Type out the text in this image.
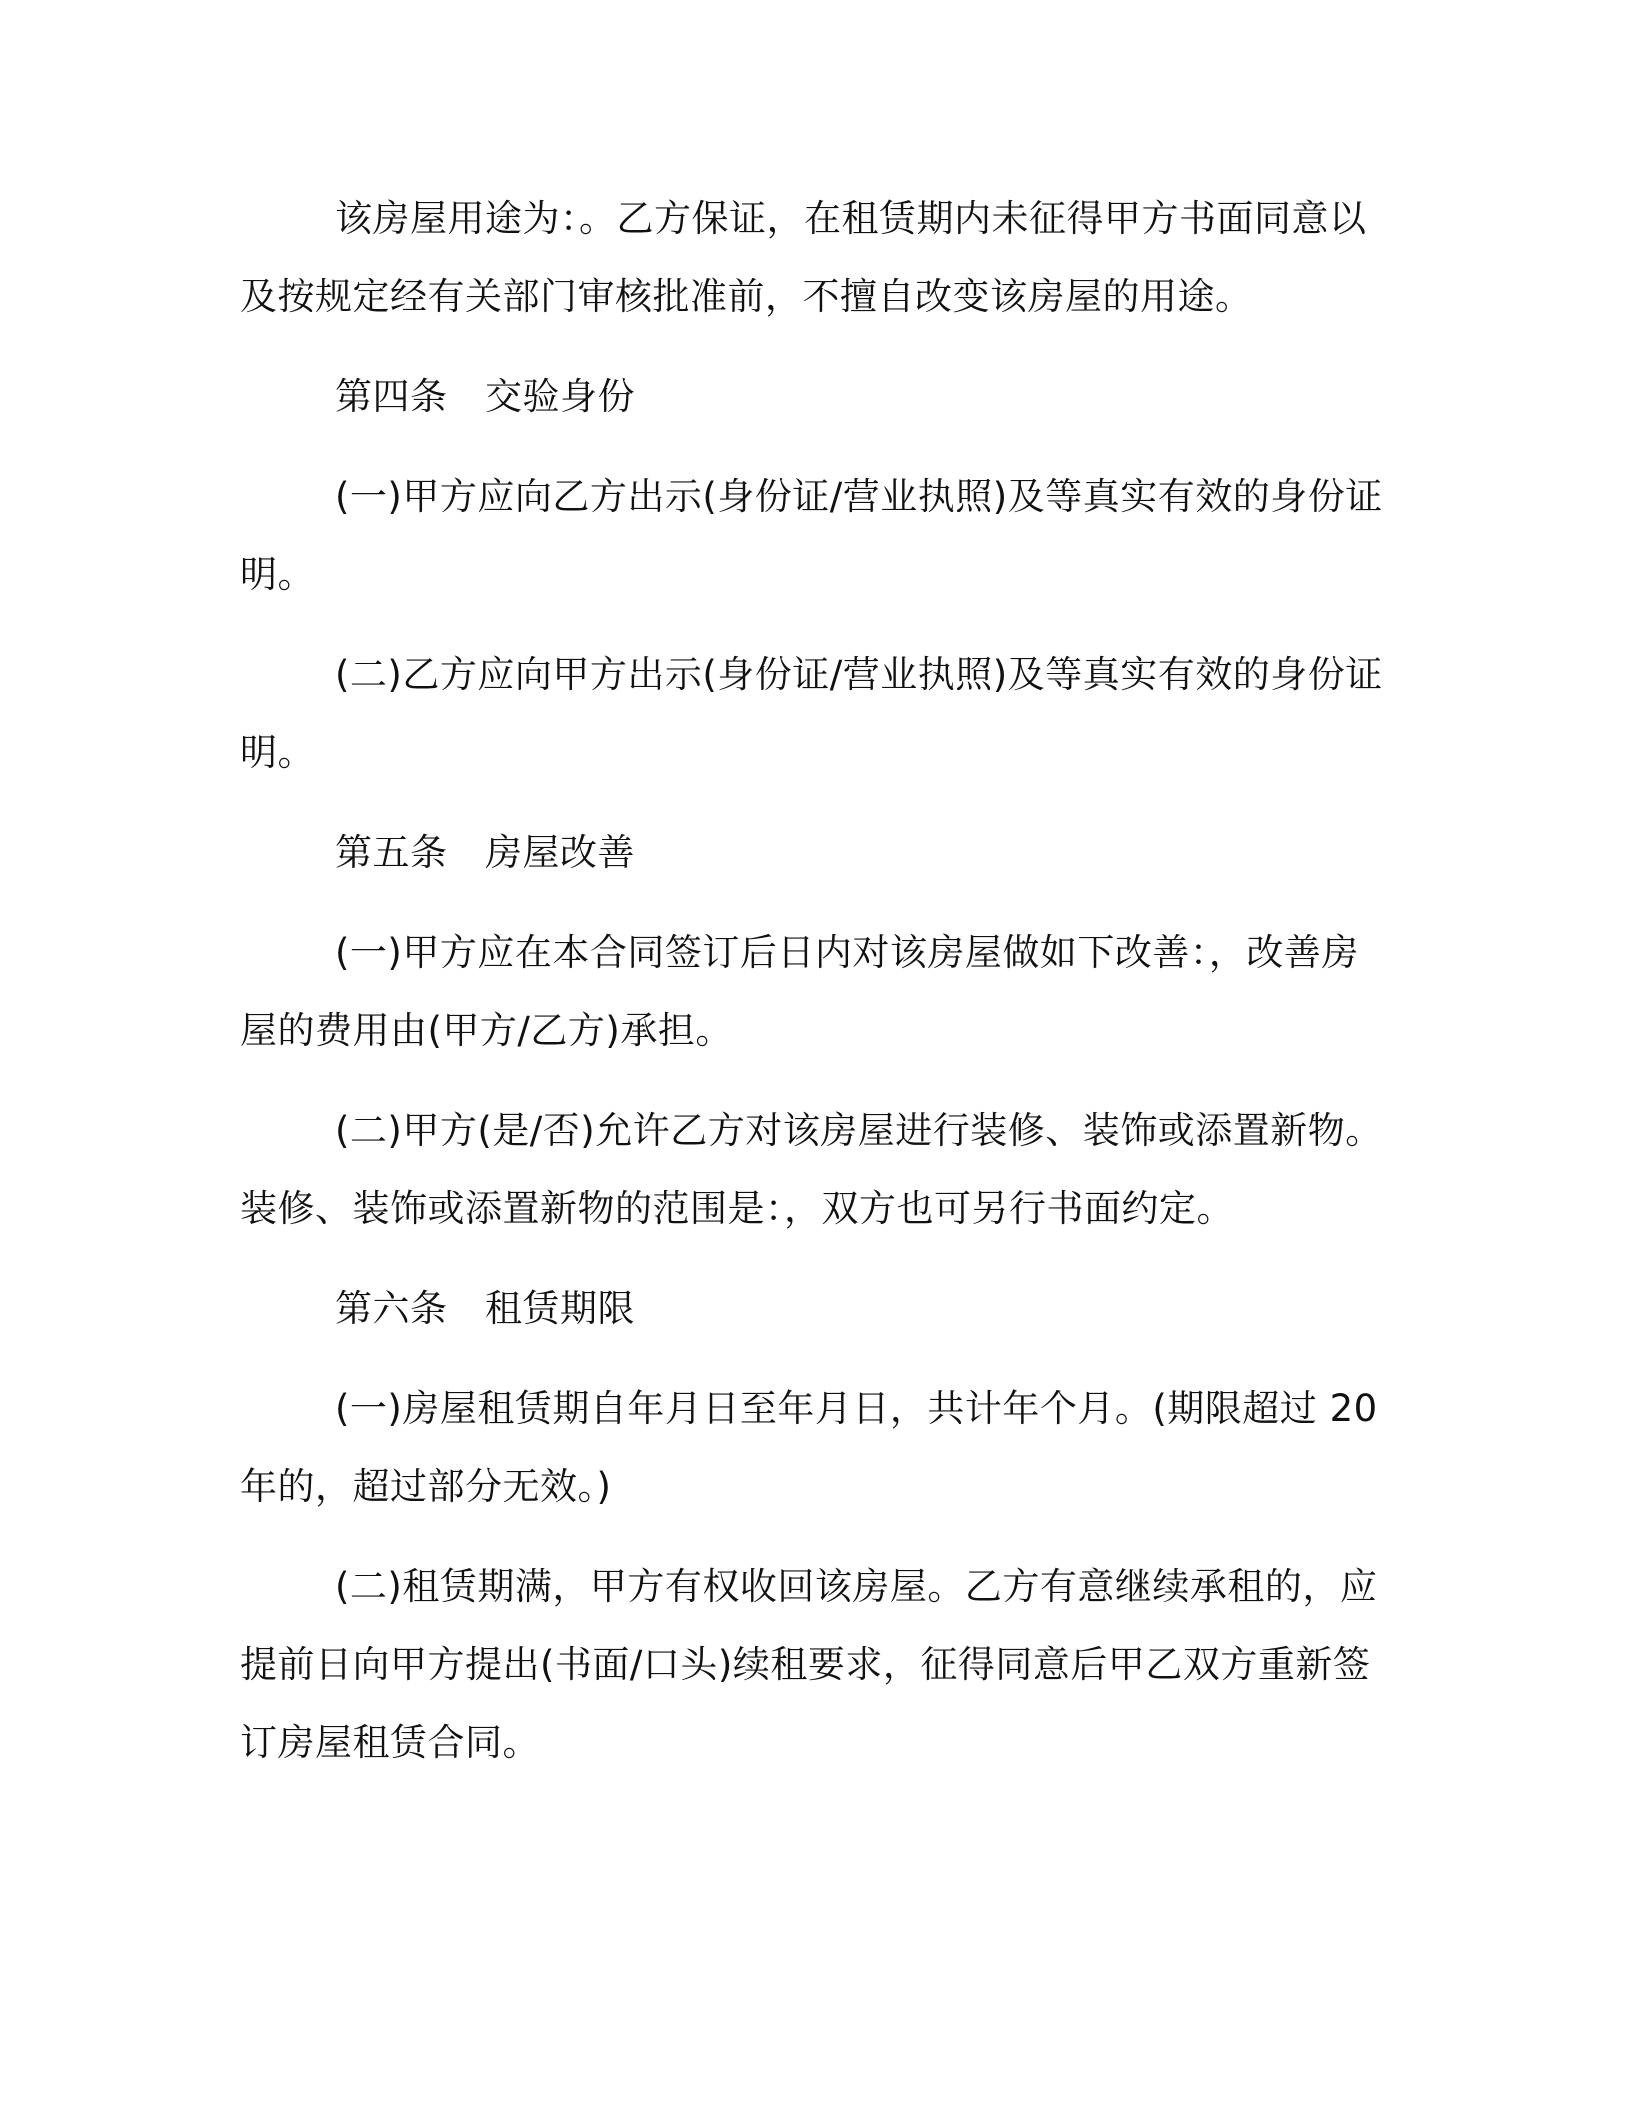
该房屋用途为：。乙方保证，在租赁期内未征得甲方书面同意以及按规定经有关部门审核批准前，不擅自改变该房屋的用途。

第四条　交验身份

(一)甲方应向乙方出示(身份证/营业执照)及等真实有效的身份证明。

(二)乙方应向甲方出示(身份证/营业执照)及等真实有效的身份证明。

第五条　房屋改善

(一)甲方应在本合同签订后日内对该房屋做如下改善：，改善房屋的费用由(甲方/乙方)承担。

(二)甲方(是/否)允许乙方对该房屋进行装修、装饰或添置新物。装修、装饰或添置新物的范围是：，双方也可另行书面约定。

第六条　租赁期限

(一)房屋租赁期自年月日至年月日，共计年个月。(期限超过 20 年的，超过部分无效。)

(二)租赁期满，甲方有权收回该房屋。乙方有意继续承租的，应提前日向甲方提出(书面/口头)续租要求，征得同意后甲乙双方重新签订房屋租赁合同。
